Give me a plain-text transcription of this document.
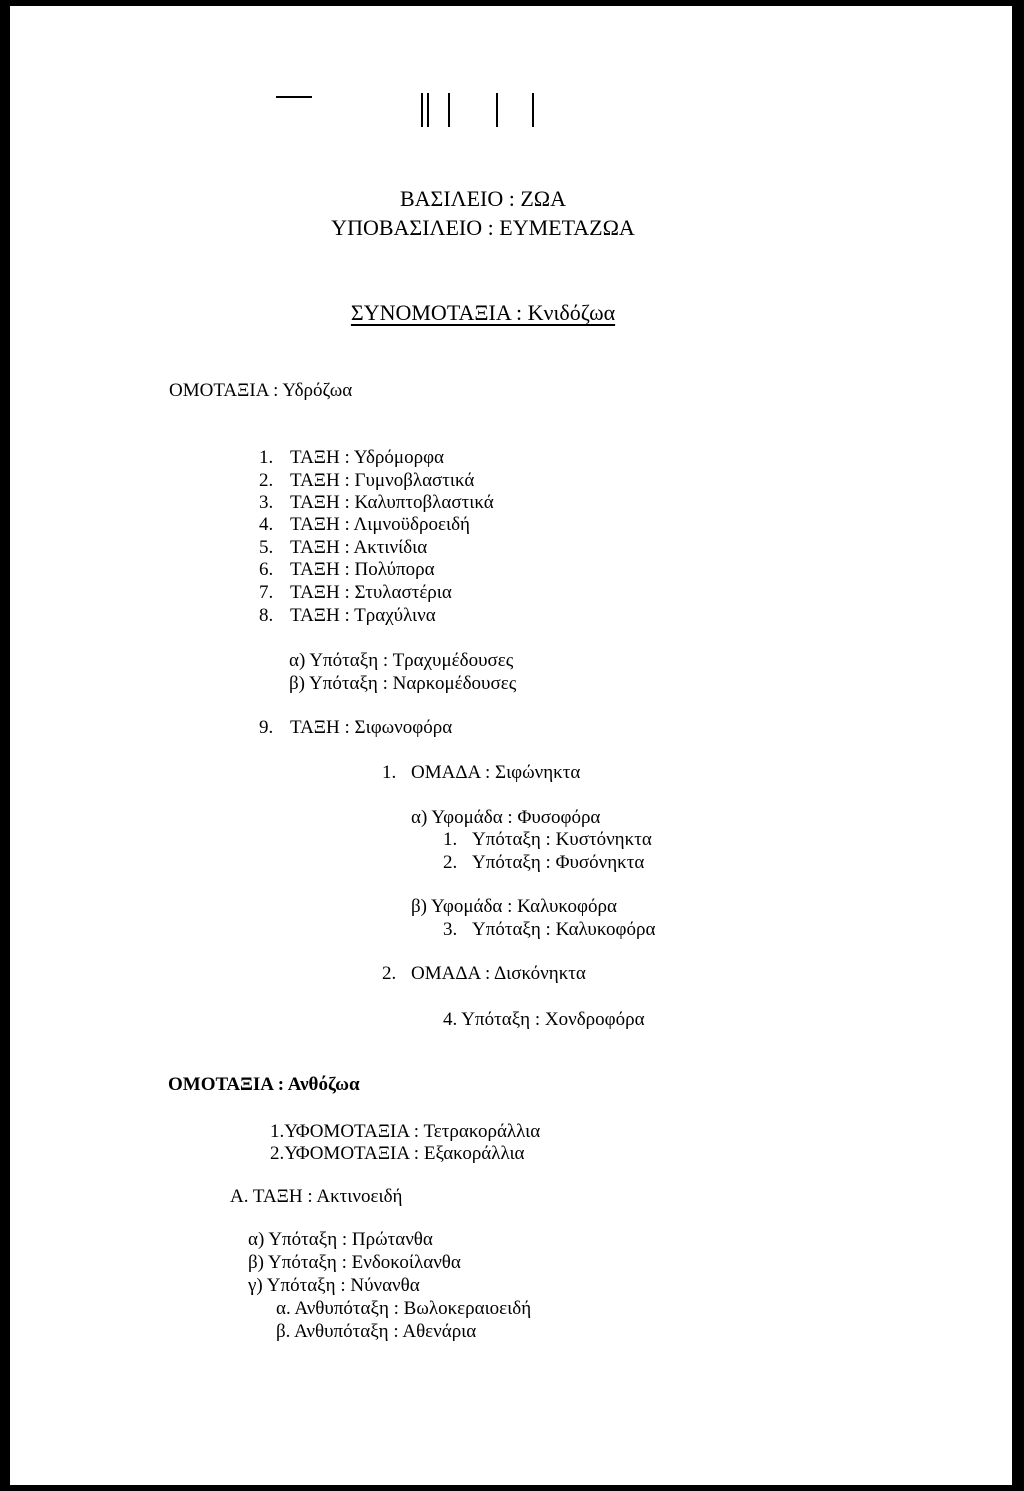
ΒΑΣΙΛΕΙΟ : ΖΩΑ
ΥΠΟΒΑΣΙΛΕΙΟ : ΕΥΜΕΤΑΖΩΑ
ΣΥΝΟΜΟΤΑΞΙΑ : Κνιδόζωα
ΟΜΟΤΑΞΙΑ : Υδρόζωα
1. ΤΑΞΗ : Υδρόμορφα
2. ΤΑΞΗ : Γυμνοβλαστικά
3. ΤΑΞΗ : Καλυπτοβλαστικά
4. ΤΑΞΗ : Λιμνοϋδροειδή
5. ΤΑΞΗ : Ακτινίδια
6. ΤΑΞΗ : Πολύπορα
7. ΤΑΞΗ : Στυλαστέρια
8. ΤΑΞΗ : Τραχύλινα
α) Υπόταξη : Τραχυμέδουσες
β) Υπόταξη : Ναρκομέδουσες
9. ΤΑΞΗ : Σιφωνοφόρα
1. ΟΜΑΔΑ : Σιφώνηκτα
α) Υφομάδα : Φυσοφόρα
1. Υπόταξη : Κυστόνηκτα
2. Υπόταξη : Φυσόνηκτα
β) Υφομάδα : Καλυκοφόρα
3. Υπόταξη : Καλυκοφόρα
2. ΟΜΑΔΑ : Δισκόνηκτα
4. Υπόταξη : Χονδροφόρα
ΟΜΟΤΑΞΙΑ : Ανθόζωα
1.ΥΦΟΜΟΤΑΞΙΑ : Τετρακοράλλια
2.ΥΦΟΜΟΤΑΞΙΑ : Εξακοράλλια
Α. ΤΑΞΗ : Ακτινοειδή
α) Υπόταξη : Πρώτανθα
β) Υπόταξη : Ενδοκοίλανθα
γ) Υπόταξη : Νύνανθα
α. Ανθυπόταξη : Βωλοκεραιοειδή
β. Ανθυπόταξη : Αθενάρια
